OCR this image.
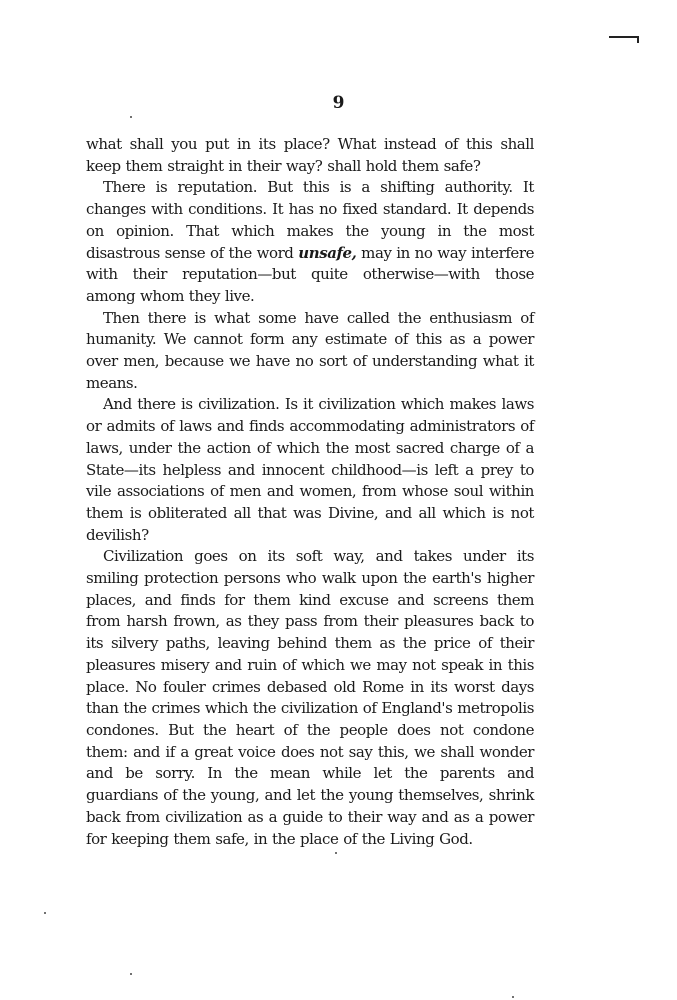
9

what shall you put in its place? What instead of this shall keep them straight in their way? shall hold them safe?

There is reputation. But this is a shifting authority. It changes with conditions. It has no fixed standard. It depends on opinion. That which makes the young in the most disastrous sense of the word unsafe, may in no way interfere with their reputation—but quite otherwise—with those among whom they live.

Then there is what some have called the enthusiasm of humanity. We cannot form any estimate of this as a power over men, because we have no sort of understanding what it means.

And there is civilization. Is it civilization which makes laws or admits of laws and finds accommodating administrators of laws, under the action of which the most sacred charge of a State—its helpless and innocent childhood—is left a prey to vile associations of men and women, from whose soul within them is obliterated all that was Divine, and all which is not devilish?

Civilization goes on its soft way, and takes under its smiling protection persons who walk upon the earth's higher places, and finds for them kind excuse and screens them from harsh frown, as they pass from their pleasures back to its silvery paths, leaving behind them as the price of their pleasures misery and ruin of which we may not speak in this place. No fouler crimes debased old Rome in its worst days than the crimes which the civilization of England's metropolis condones. But the heart of the people does not condone them: and if a great voice does not say this, we shall wonder and be sorry. In the mean while let the parents and guardians of the young, and let the young themselves, shrink back from civilization as a guide to their way and as a power for keeping them safe, in the place of the Living God.
